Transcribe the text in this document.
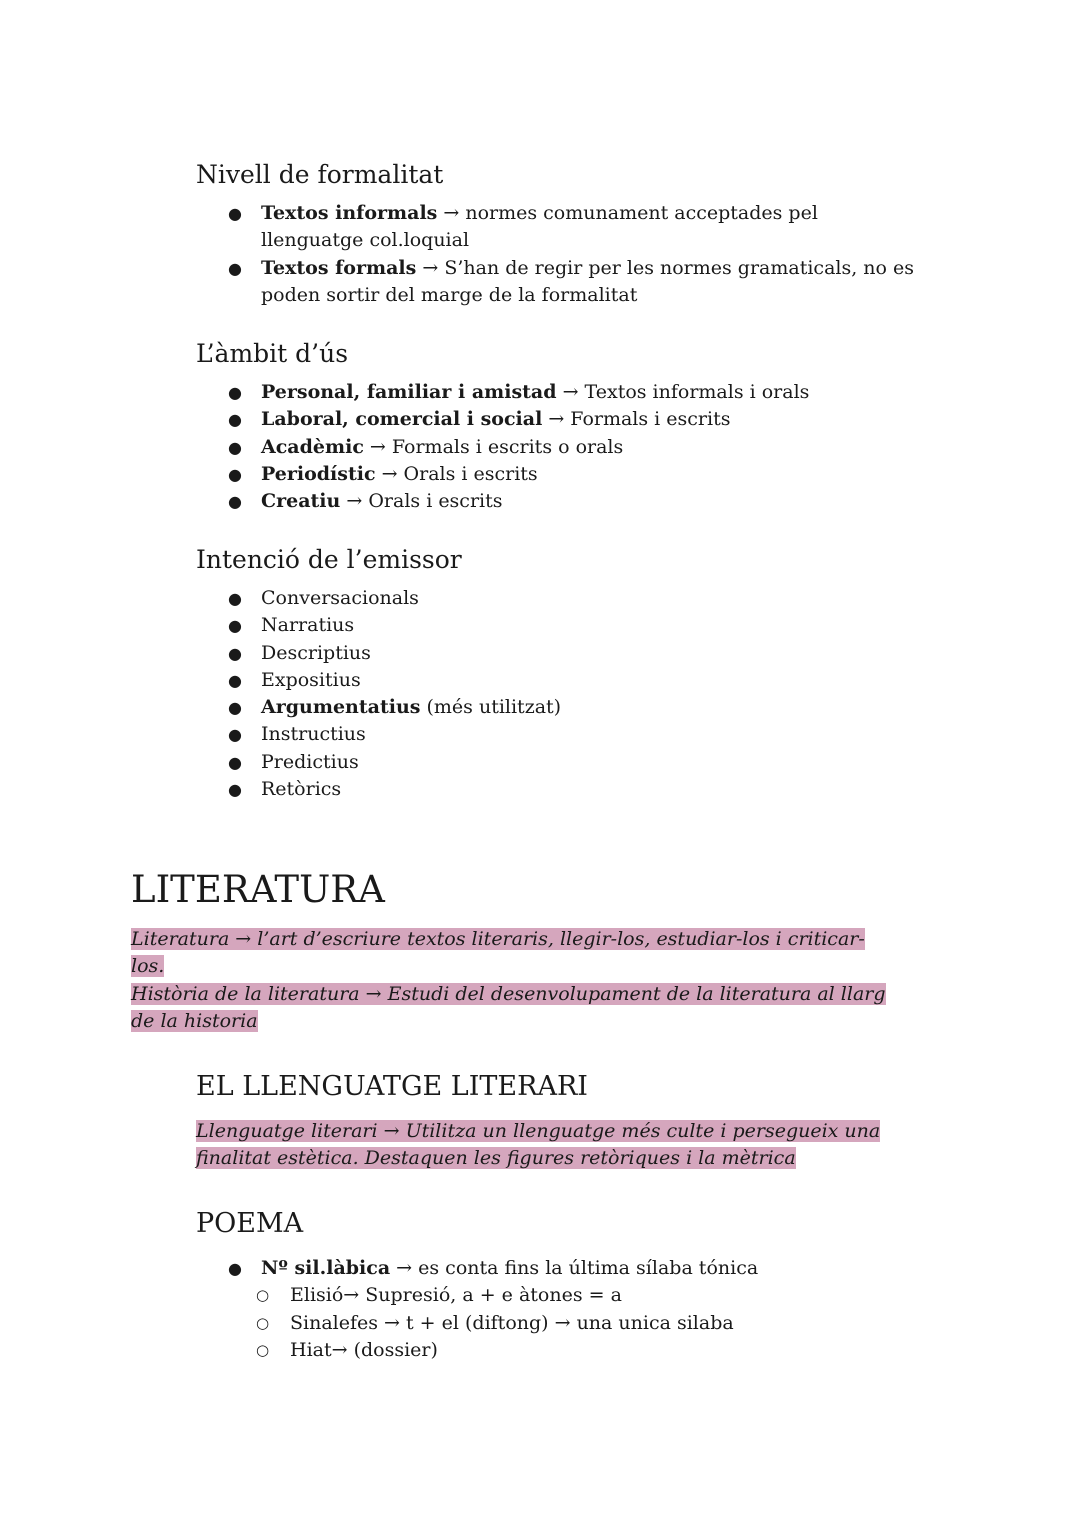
Nivell de formalitat
● Textos informals → normes comunament acceptades pel llenguatge col.loquial
● Textos formals → S’han de regir per les normes gramaticals, no es poden sortir del marge de la formalitat
L’àmbit d’ús
● Personal, familiar i amistad → Textos informals i orals
● Laboral, comercial i social → Formals i escrits
● Acadèmic → Formals i escrits o orals
● Periodístic → Orals i escrits
● Creatiu → Orals i escrits
Intenció de l’emissor
● Conversacionals
● Narratius
● Descriptius
● Expositius
● Argumentatius (més utilitzat)
● Instructius
● Predictius
● Retòrics
LITERATURA

Literatura → l’art d’escriure textos literaris, llegir-los, estudiar-los i criticar-los.

Història de la literatura → Estudi del desenvolupament de la literatura al llarg de la historia

EL LLENGUATGE LITERARI

Llenguatge literari → Utilitza un llenguatge més culte i persegueix una finalitat estètica. Destaquen les figures retòriques i la mètrica

POEMA
● Nº sil.làbica → es conta fins la última sílaba tónica
○ Elisió→ Supresió, a + e àtones = a
○ Sinalefes → t + el (diftong) → una unica silaba
○ Hiat→ (dossier)
